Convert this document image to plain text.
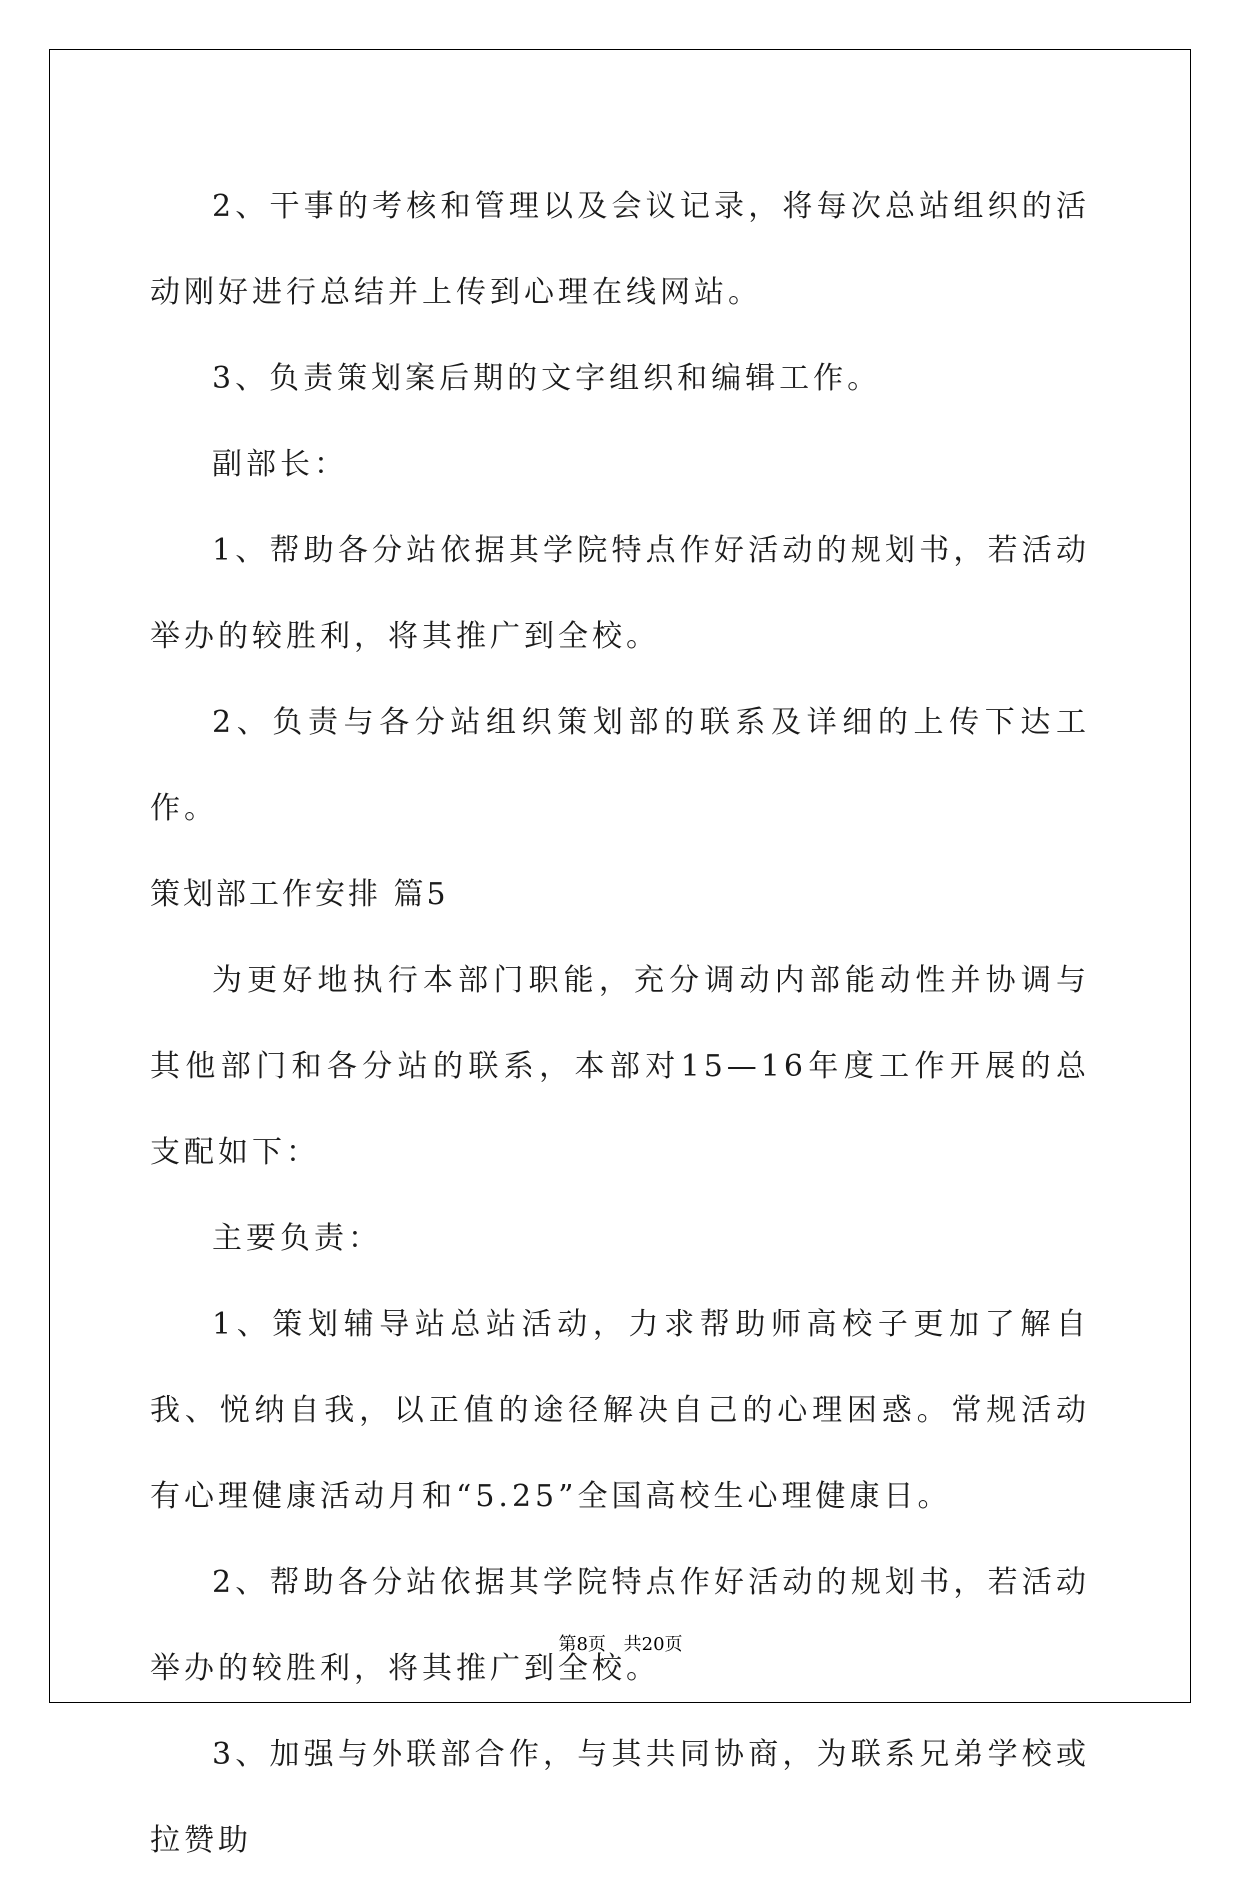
2、干事的考核和管理以及会议记录，将每次总站组织的活动刚好进行总结并上传到心理在线网站。

3、负责策划案后期的文字组织和编辑工作。

副部长：

1、帮助各分站依据其学院特点作好活动的规划书，若活动举办的较胜利，将其推广到全校。

2、负责与各分站组织策划部的联系及详细的上传下达工作。

策划部工作安排 篇5

为更好地执行本部门职能，充分调动内部能动性并协调与其他部门和各分站的联系，本部对15—16年度工作开展的总支配如下：

主要负责：

1、策划辅导站总站活动，力求帮助师高校子更加了解自我、悦纳自我，以正值的途径解决自己的心理困惑。常规活动有心理健康活动月和“5.25”全国高校生心理健康日。

2、帮助各分站依据其学院特点作好活动的规划书，若活动举办的较胜利，将其推广到全校。

3、加强与外联部合作，与其共同协商，为联系兄弟学校或拉赞助

第8页 共20页
